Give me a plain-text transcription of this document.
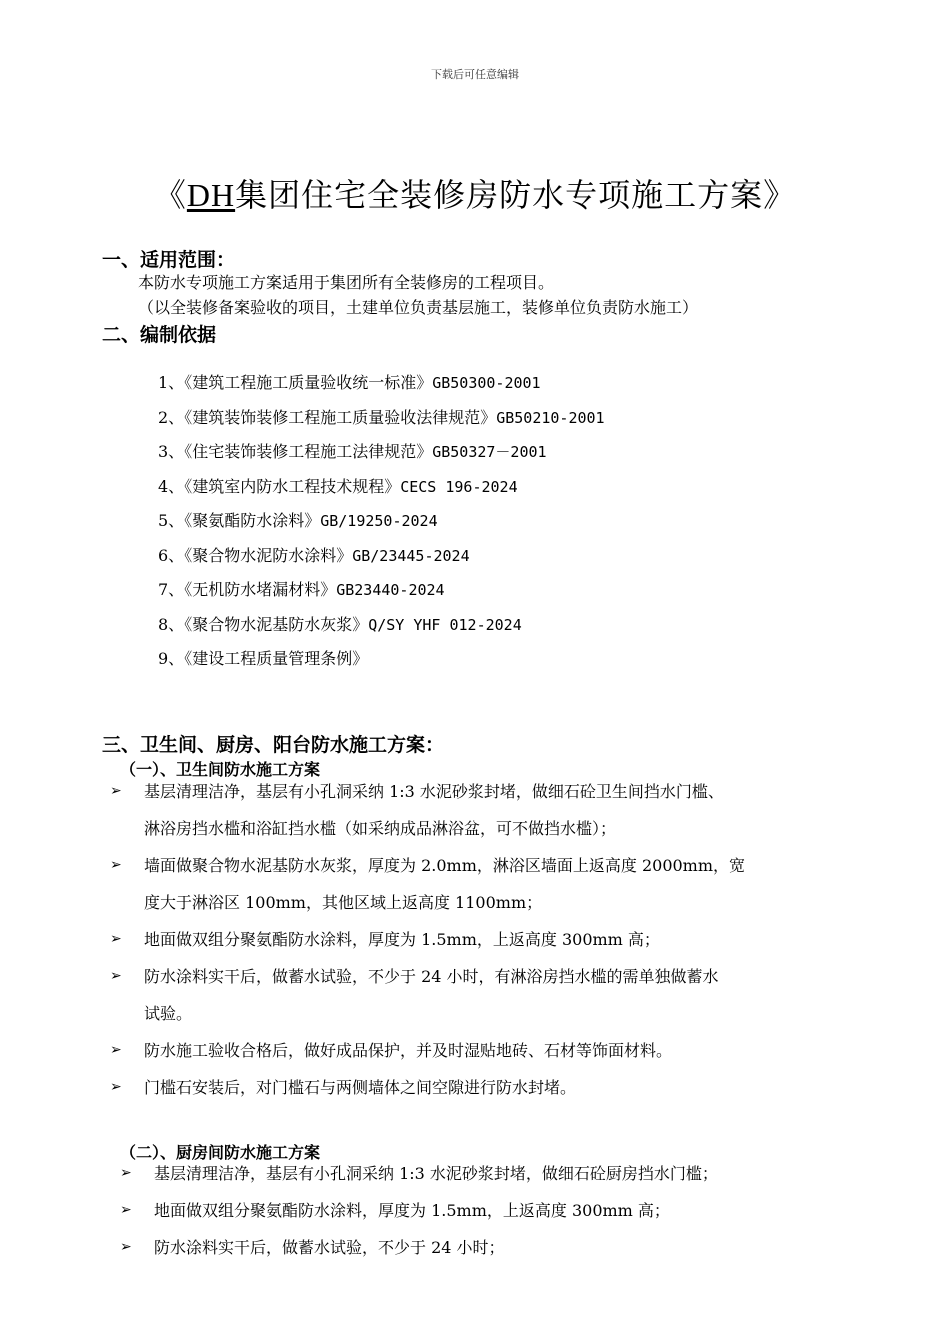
下载后可任意编辑
《DH集团住宅全装修房防水专项施工方案》
一、适用范围：
本防水专项施工方案适用于集团所有全装修房的工程项目。
（以全装修备案验收的项目，土建单位负责基层施工，装修单位负责防水施工）
二、编制依据
1、《建筑工程施工质量验收统一标准》GB50300-2001
2、《建筑装饰装修工程施工质量验收法律规范》GB50210-2001
3、《住宅装饰装修工程施工法律规范》GB50327－2001
4、《建筑室内防水工程技术规程》CECS 196-2024
5、《聚氨酯防水涂料》GB/19250-2024
6、《聚合物水泥防水涂料》GB/23445-2024
7、《无机防水堵漏材料》GB23440-2024
8、《聚合物水泥基防水灰浆》Q/SY YHF 012-2024
9、《建设工程质量管理条例》
三、卫生间、厨房、阳台防水施工方案：
（一）、卫生间防水施工方案
➢	基层清理洁净，基层有小孔洞采纳 1:3 水泥砂浆封堵，做细石砼卫生间挡水门槛、
淋浴房挡水槛和浴缸挡水槛（如采纳成品淋浴盆，可不做挡水槛）；
➢	墙面做聚合物水泥基防水灰浆，厚度为 2.0mm，淋浴区墙面上返高度 2000mm，宽
度大于淋浴区 100mm，其他区域上返高度 1100mm；
➢	地面做双组分聚氨酯防水涂料，厚度为 1.5mm，上返高度 300mm 高；
➢	防水涂料实干后，做蓄水试验，不少于 24 小时，有淋浴房挡水槛的需单独做蓄水
试验。
➢	防水施工验收合格后，做好成品保护，并及时湿贴地砖、石材等饰面材料。
➢	门槛石安装后，对门槛石与两侧墙体之间空隙进行防水封堵。
（二）、厨房间防水施工方案
➢	基层清理洁净，基层有小孔洞采纳 1:3 水泥砂浆封堵，做细石砼厨房挡水门槛；
➢	地面做双组分聚氨酯防水涂料，厚度为 1.5mm，上返高度 300mm 高；
➢	防水涂料实干后，做蓄水试验，不少于 24 小时；
